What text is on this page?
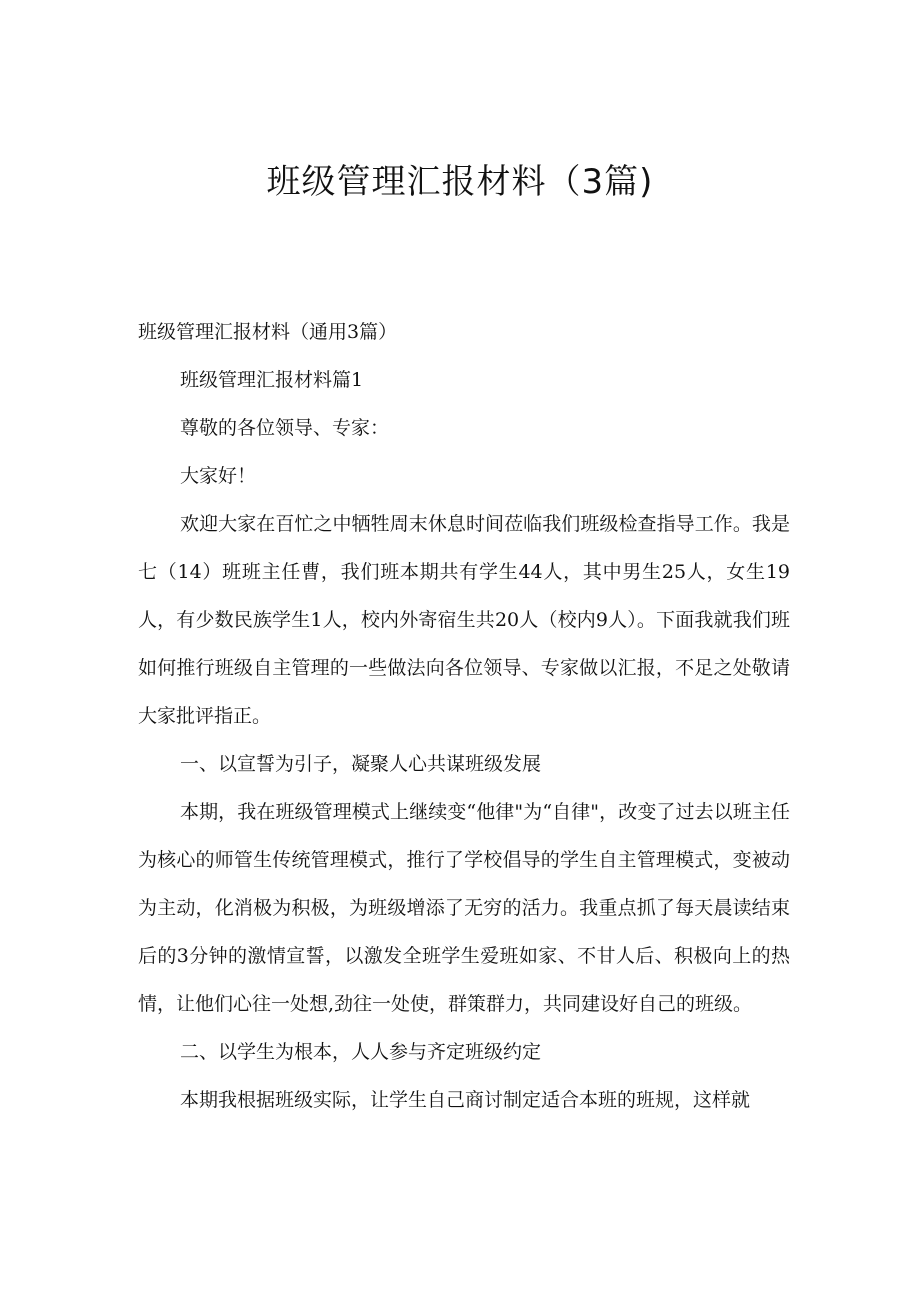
班级管理汇报材料（3篇)

班级管理汇报材料（通用3篇）

班级管理汇报材料篇1

尊敬的各位领导、专家：

大家好！

欢迎大家在百忙之中牺牲周末休息时间莅临我们班级检查指导工作。我是七（14）班班主任曹，我们班本期共有学生44人，其中男生25人，女生19人，有少数民族学生1人，校内外寄宿生共20人（校内9人）。下面我就我们班如何推行班级自主管理的一些做法向各位领导、专家做以汇报，不足之处敬请大家批评指正。

一、以宣誓为引子，凝聚人心共谋班级发展

本期，我在班级管理模式上继续变“他律"为“自律"，改变了过去以班主任为核心的师管生传统管理模式，推行了学校倡导的学生自主管理模式，变被动为主动，化消极为积极，为班级增添了无穷的活力。我重点抓了每天晨读结束后的3分钟的激情宣誓，以激发全班学生爱班如家、不甘人后、积极向上的热情，让他们心往一处想,劲往一处使，群策群力，共同建设好自己的班级。

二、以学生为根本，人人参与齐定班级约定

本期我根据班级实际，让学生自己商讨制定适合本班的班规，这样就
